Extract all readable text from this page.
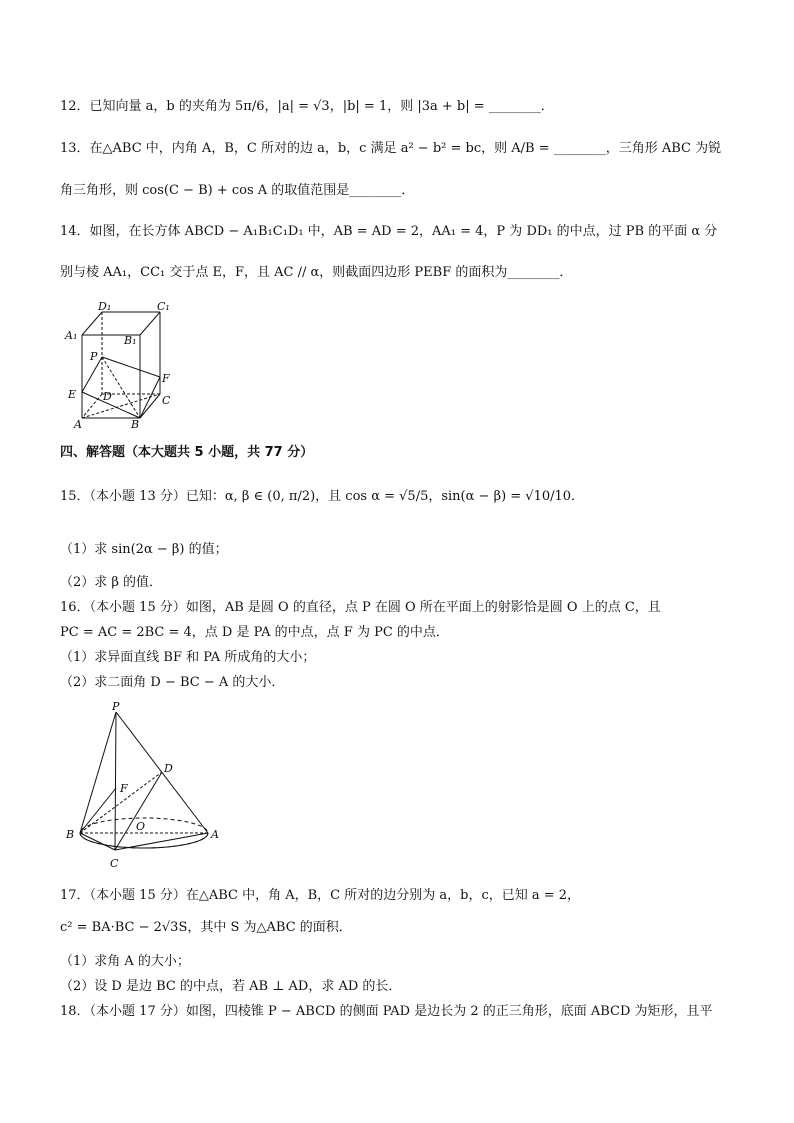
12．已知向量 a，b 的夹角为 5π/6，|a| = √3，|b| = 1，则 |3a + b| = ________．
13．在△ABC 中，内角 A，B，C 所对的边 a，b，c 满足 a² − b² = bc，则 A/B = ________，三角形 ABC 为锐
角三角形，则 cos(C − B) + cos A 的取值范围是________．
14．如图，在长方体 ABCD − A₁B₁C₁D₁ 中，AB = AD = 2，AA₁ = 4，P 为 DD₁ 的中点，过 PB 的平面 α 分
别与棱 AA₁，CC₁ 交于点 E，F，且 AC // α，则截面四边形 PEBF 的面积为________．
D₁	C₁
A₁	B₁
P
F
E D	C
A	B
四、解答题（本大题共 5 小题，共 77 分）
15．（本小题 13 分）已知：α, β ∈ (0, π/2)，且 cos α = √5/5，sin(α − β) = √10/10．
（1）求 sin(2α − β) 的值；
（2）求 β 的值．
16．（本小题 15 分）如图，AB 是圆 O 的直径，点 P 在圆 O 所在平面上的射影恰是圆 O 上的点 C，且
PC = AC = 2BC = 4，点 D 是 PA 的中点，点 F 为 PC 的中点．
（1）求异面直线 BF 和 PA 所成角的大小；
（2）求二面角 D − BC − A 的大小．
P
D
F
O
B	A
C
17．（本小题 15 分）在△ABC 中，角 A，B，C 所对的边分别为 a，b，c，已知 a = 2，
c² = BA·BC − 2√3S，其中 S 为△ABC 的面积．
（1）求角 A 的大小；
（2）设 D 是边 BC 的中点，若 AB ⊥ AD，求 AD 的长．
18．（本小题 17 分）如图，四棱锥 P − ABCD 的侧面 PAD 是边长为 2 的正三角形，底面 ABCD 为矩形，且平
